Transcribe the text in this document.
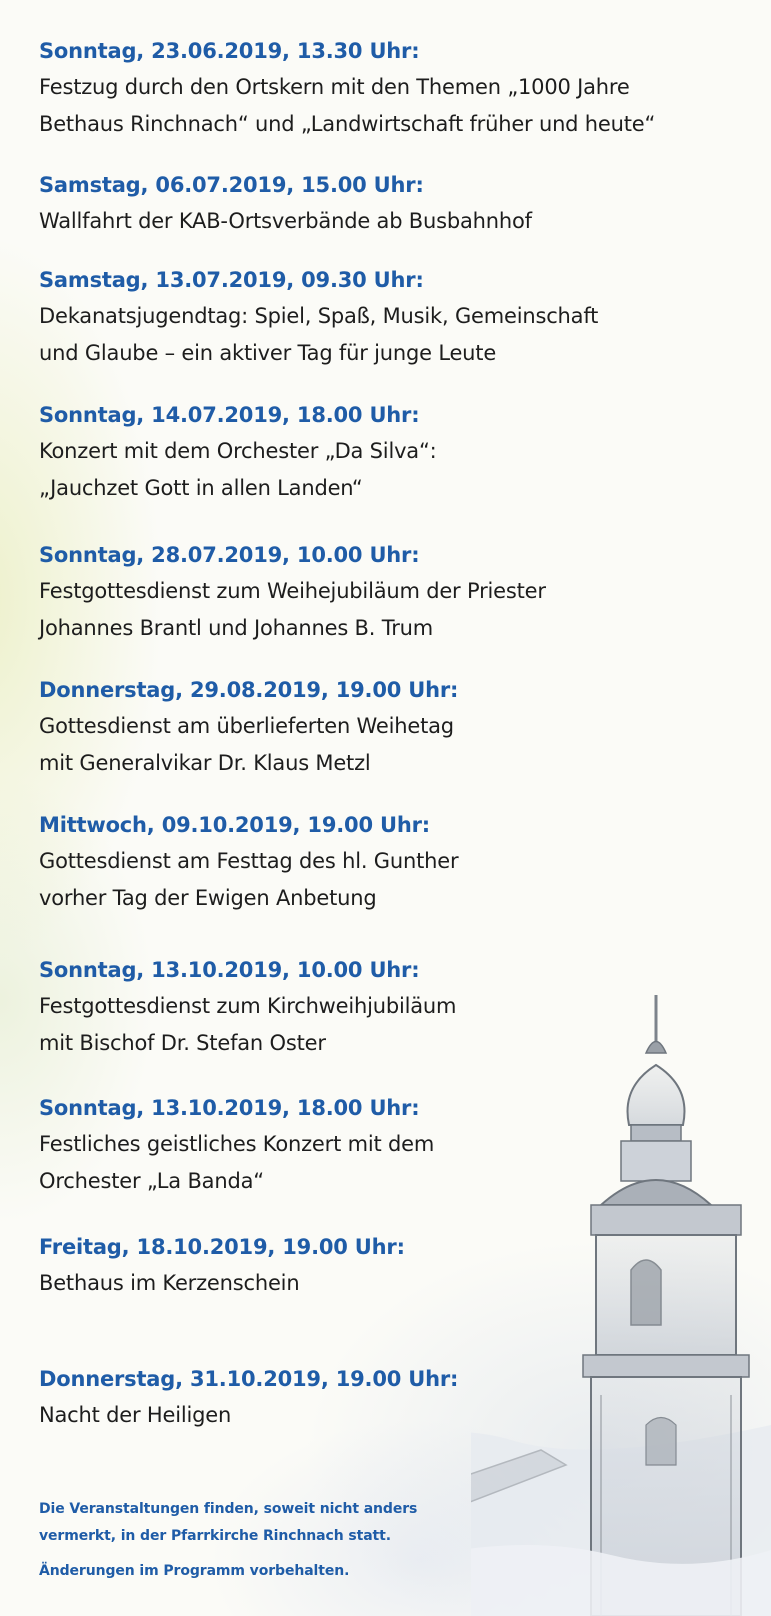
Sonntag, 23.06.2019, 13.30 Uhr:
Festzug durch den Ortskern mit den Themen „1000 Jahre
Bethaus Rinchnach“ und „Landwirtschaft früher und heute“
Samstag, 06.07.2019, 15.00 Uhr:
Wallfahrt der KAB-Ortsverbände ab Busbahnhof
Samstag, 13.07.2019, 09.30 Uhr:
Dekanatsjugendtag: Spiel, Spaß, Musik, Gemeinschaft
und Glaube – ein aktiver Tag für junge Leute
Sonntag, 14.07.2019, 18.00 Uhr:
Konzert mit dem Orchester „Da Silva“:
„Jauchzet Gott in allen Landen“
Sonntag, 28.07.2019, 10.00 Uhr:
Festgottesdienst zum Weihejubiläum der Priester
Johannes Brantl und Johannes B. Trum
Donnerstag, 29.08.2019, 19.00 Uhr:
Gottesdienst am überlieferten Weihetag
mit Generalvikar Dr. Klaus Metzl
Mittwoch, 09.10.2019, 19.00 Uhr:
Gottesdienst am Festtag des hl. Gunther
vorher Tag der Ewigen Anbetung
Sonntag, 13.10.2019, 10.00 Uhr:
Festgottesdienst zum Kirchweihjubiläum
mit Bischof Dr. Stefan Oster
Sonntag, 13.10.2019, 18.00 Uhr:
Festliches geistliches Konzert mit dem
Orchester „La Banda“
Freitag, 18.10.2019, 19.00 Uhr:
Bethaus im Kerzenschein
Donnerstag, 31.10.2019, 19.00 Uhr:
Nacht der Heiligen
Die Veranstaltungen finden, soweit nicht anders
vermerkt, in der Pfarrkirche Rinchnach statt.
Änderungen im Programm vorbehalten.
